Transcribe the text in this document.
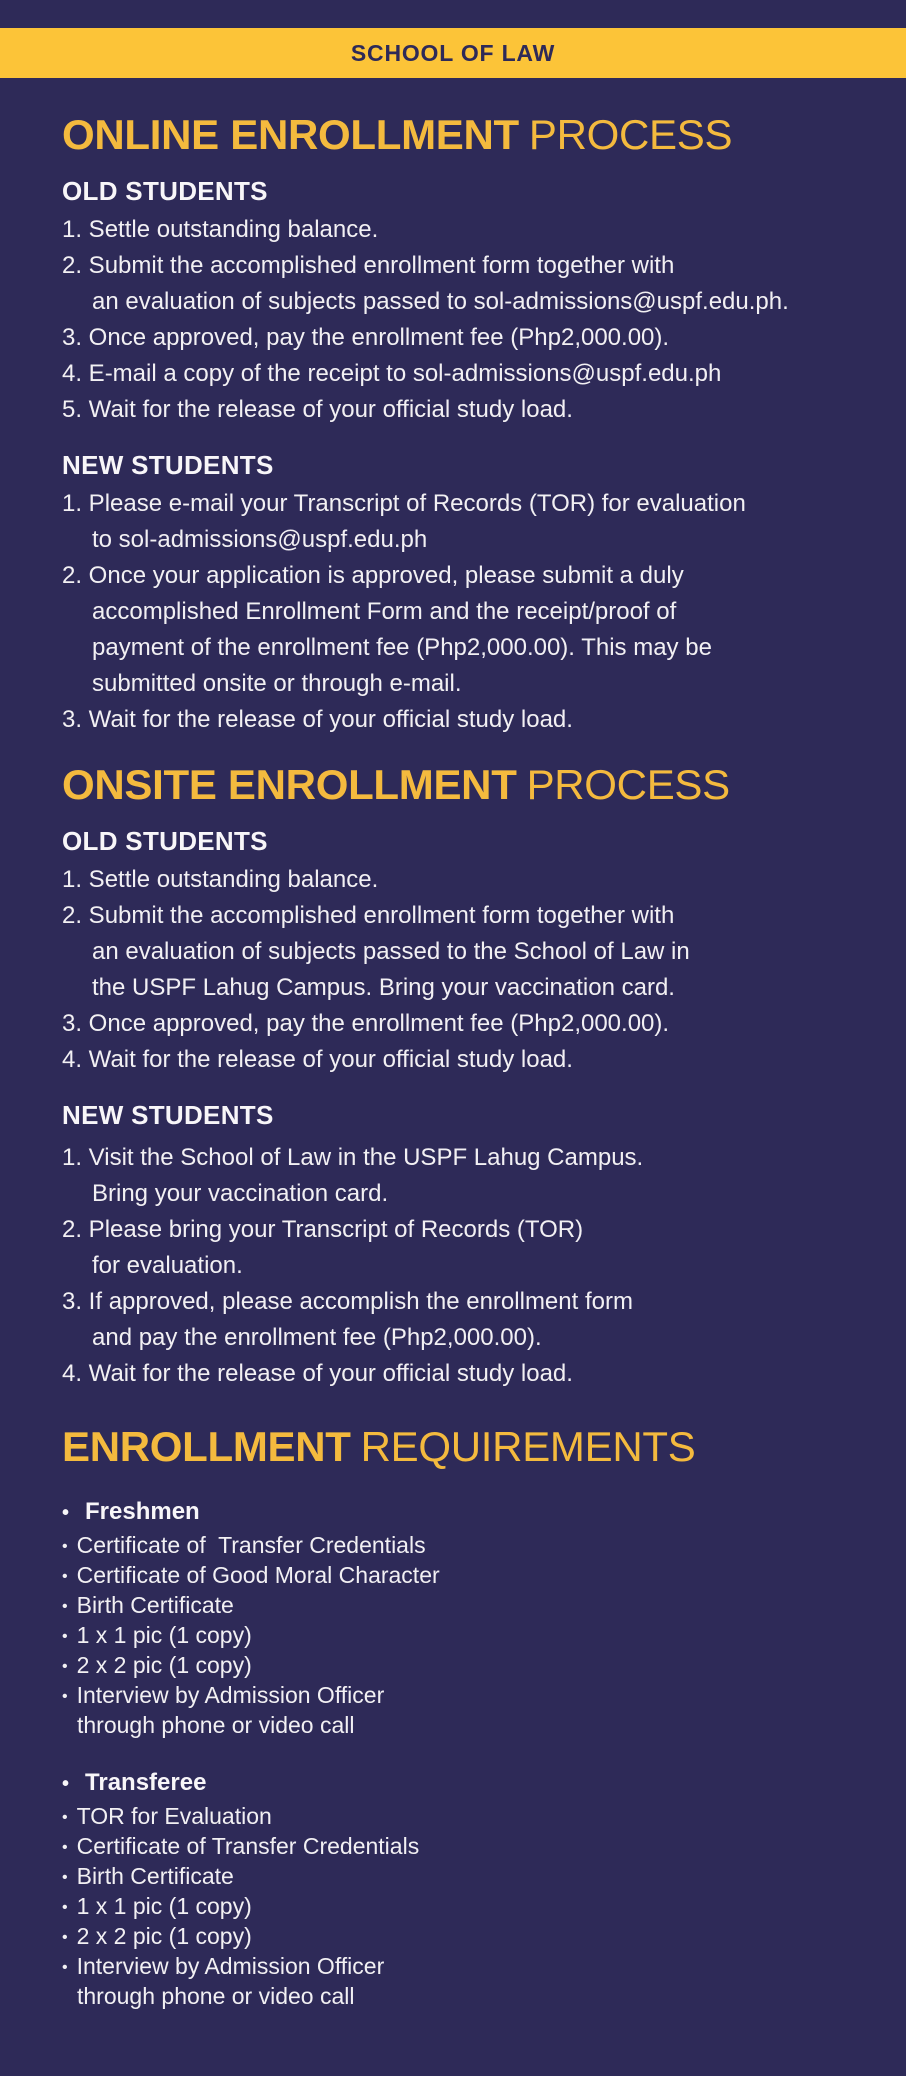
SCHOOL OF LAW
ONLINE ENROLLMENT PROCESS
OLD STUDENTS
1. Settle outstanding balance.
2. Submit the accomplished enrollment form together with
an evaluation of subjects passed to sol-admissions@uspf.edu.ph.
3. Once approved, pay the enrollment fee (Php2,000.00).
4. E-mail a copy of the receipt to sol-admissions@uspf.edu.ph
5. Wait for the release of your official study load.
NEW STUDENTS
1. Please e-mail your Transcript of Records (TOR) for evaluation
to sol-admissions@uspf.edu.ph
2. Once your application is approved, please submit a duly
accomplished Enrollment Form and the receipt/proof of
payment of the enrollment fee (Php2,000.00). This may be
submitted onsite or through e-mail.
3. Wait for the release of your official study load.
ONSITE ENROLLMENT PROCESS
OLD STUDENTS
1. Settle outstanding balance.
2. Submit the accomplished enrollment form together with
an evaluation of subjects passed to the School of Law in
the USPF Lahug Campus. Bring your vaccination card.
3. Once approved, pay the enrollment fee (Php2,000.00).
4. Wait for the release of your official study load.
NEW STUDENTS
1. Visit the School of Law in the USPF Lahug Campus.
Bring your vaccination card.
2. Please bring your Transcript of Records (TOR)
for evaluation.
3. If approved, please accomplish the enrollment form
and pay the enrollment fee (Php2,000.00).
4. Wait for the release of your official study load.
ENROLLMENT REQUIREMENTS
• Freshmen
• Certificate of  Transfer Credentials
• Certificate of Good Moral Character
• Birth Certificate
• 1 x 1 pic (1 copy)
• 2 x 2 pic (1 copy)
• Interview by Admission Officer
through phone or video call
• Transferee
• TOR for Evaluation
• Certificate of Transfer Credentials
• Birth Certificate
• 1 x 1 pic (1 copy)
• 2 x 2 pic (1 copy)
• Interview by Admission Officer
through phone or video call
